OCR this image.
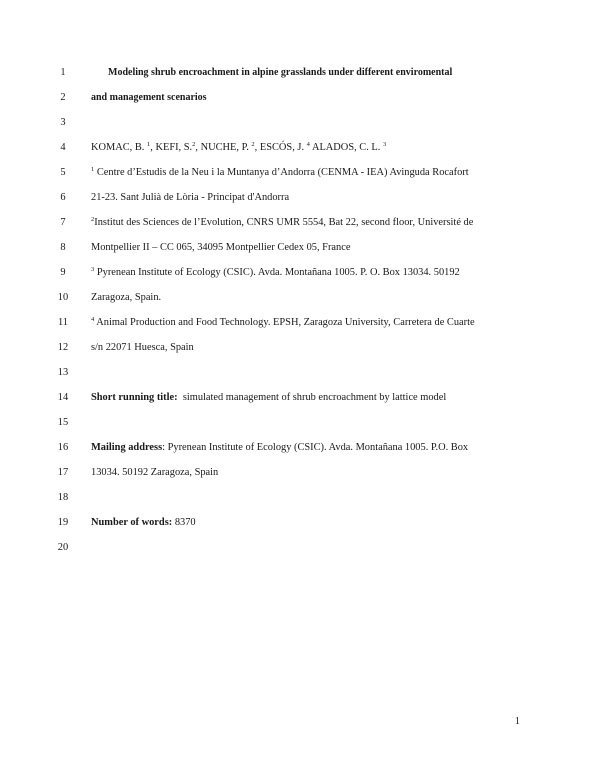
1	Modeling shrub encroachment in alpine grasslands under different enviromental
2	and management scenarios
3
4	KOMAC, B. $^1$, KEFI, S.$^2$, NUCHE, P. $^2$, ESCÓS, J. $^4$ ALADOS, C. L. $^3$
5	$^1$ Centre d’Estudis de la Neu i la Muntanya d’Andorra (CENMA - IEA) Avinguda Rocafort
6	21-23. Sant Julià de Lòria - Principat d'Andorra
7	$^2$Institut des Sciences de l’Evolution, CNRS UMR 5554, Bat 22, second floor, Université de
8	Montpellier II – CC 065, 34095 Montpellier Cedex 05, France
9	$^3$ Pyrenean Institute of Ecology (CSIC). Avda. Montañana 1005. P. O. Box 13034. 50192
10	Zaragoza, Spain.
11	$^4$ Animal Production and Food Technology. EPSH, Zaragoza University, Carretera de Cuarte
12	s/n 22071 Huesca, Spain
13
14	Short running title: simulated management of shrub encroachment by lattice model
15
16	Mailing address: Pyrenean Institute of Ecology (CSIC). Avda. Montañana 1005. P.O. Box
17	13034. 50192 Zaragoza, Spain
18
19	Number of words: 8370
20
1
